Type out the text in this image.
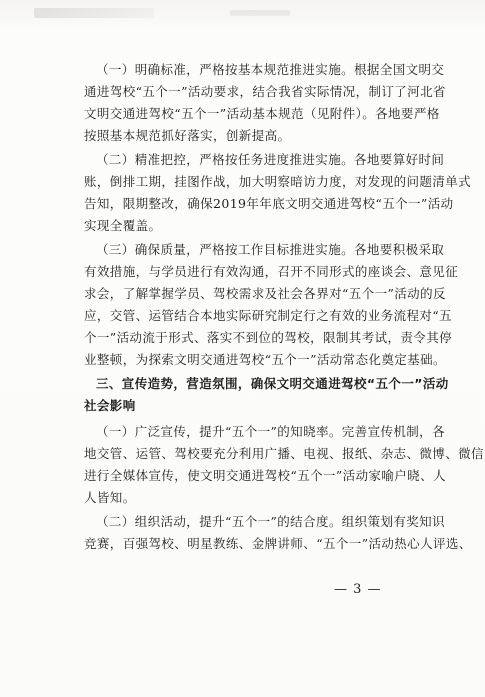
（一）明确标准，严格按基本规范推进实施。根据全国文明交
通进驾校“五个一”活动要求，结合我省实际情况，制订了河北省
文明交通进驾校“五个一”活动基本规范（见附件）。各地要严格
按照基本规范抓好落实，创新提高。
（二）精准把控，严格按任务进度推进实施。各地要算好时间
账，倒排工期，挂图作战，加大明察暗访力度，对发现的问题清单式
告知，限期整改，确保2019年年底文明交通进驾校“五个一”活动
实现全覆盖。
（三）确保质量，严格按工作目标推进实施。各地要积极采取
有效措施，与学员进行有效沟通，召开不同形式的座谈会、意见征
求会，了解掌握学员、驾校需求及社会各界对“五个一”活动的反
应，交管、运管结合本地实际研究制定行之有效的业务流程对“五
个一”活动流于形式、落实不到位的驾校，限制其考试，责令其停
业整顿，为探索文明交通进驾校“五个一”活动常态化奠定基础。
三、宣传造势，营造氛围，确保文明交通进驾校“五个一”活动
社会影响
（一）广泛宣传，提升“五个一”的知晓率。完善宣传机制，各
地交管、运管、驾校要充分利用广播、电视、报纸、杂志、微博、微信
进行全媒体宣传，使文明交通进驾校“五个一”活动家喻户晓、人
人皆知。
（二）组织活动，提升“五个一”的结合度。组织策划有奖知识
竞赛，百强驾校、明星教练、金牌讲师、“五个一”活动热心人评选、
— 3 —
